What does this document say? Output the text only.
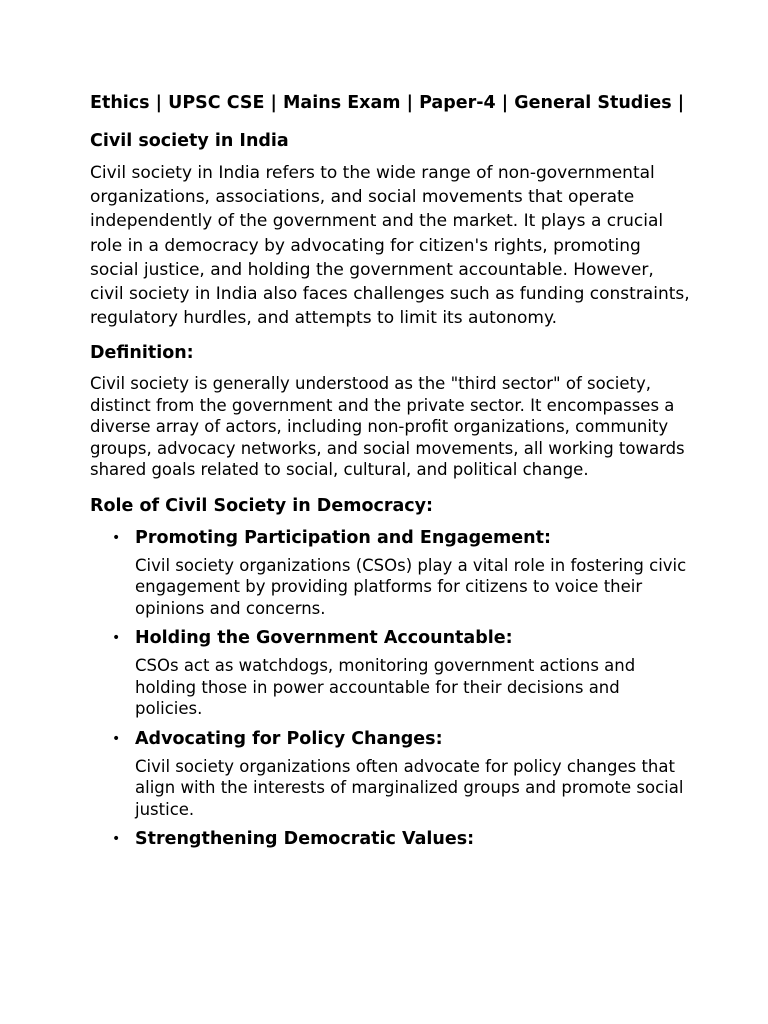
Ethics | UPSC CSE | Mains Exam | Paper-4 | General Studies |
Civil society in India

Civil society in India refers to the wide range of non-governmental organizations, associations, and social movements that operate independently of the government and the market. It plays a crucial role in a democracy by advocating for citizen's rights, promoting social justice, and holding the government accountable. However, civil society in India also faces challenges such as funding constraints, regulatory hurdles, and attempts to limit its autonomy.

Definition:

Civil society is generally understood as the "third sector" of society, distinct from the government and the private sector. It encompasses a diverse array of actors, including non-profit organizations, community groups, advocacy networks, and social movements, all working towards shared goals related to social, cultural, and political change.

Role of Civil Society in Democracy:
• Promoting Participation and Engagement:

Civil society organizations (CSOs) play a vital role in fostering civic engagement by providing platforms for citizens to voice their opinions and concerns.

• Holding the Government Accountable:

CSOs act as watchdogs, monitoring government actions and holding those in power accountable for their decisions and policies.

• Advocating for Policy Changes:

Civil society organizations often advocate for policy changes that align with the interests of marginalized groups and promote social justice.

• Strengthening Democratic Values:
